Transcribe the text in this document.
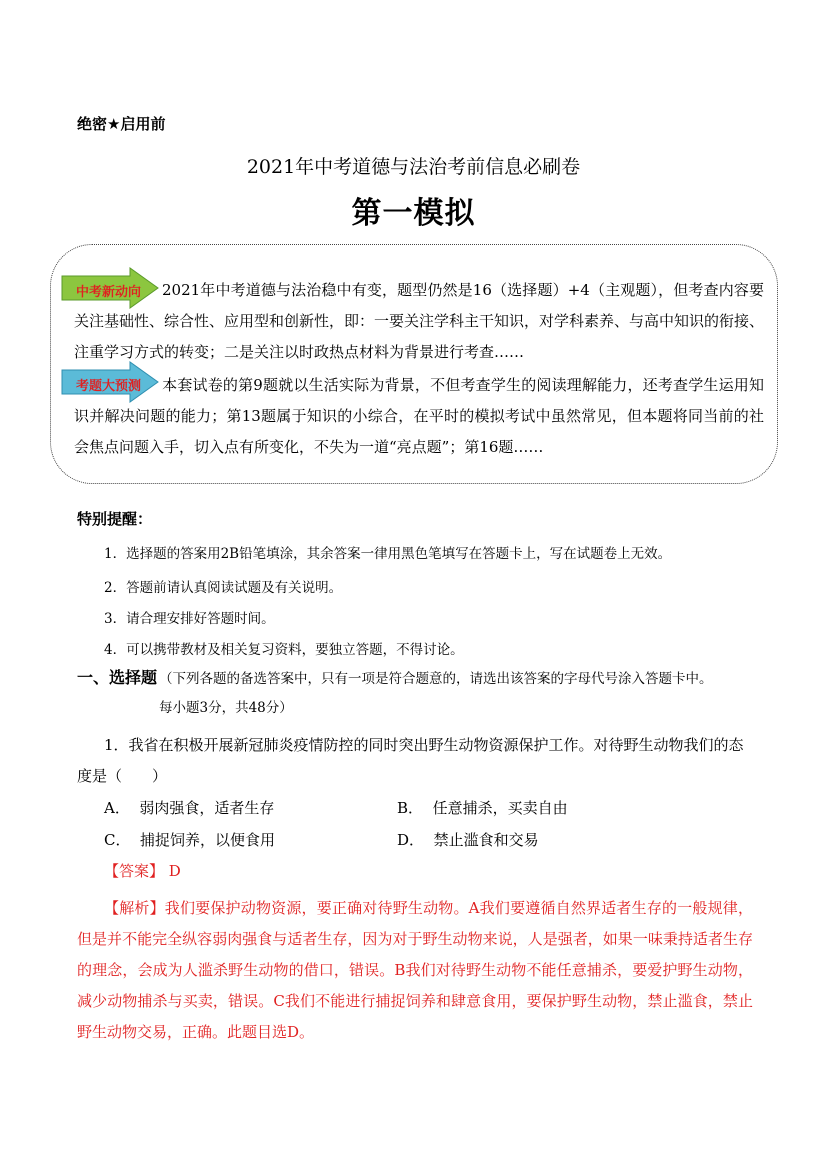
绝密★启用前
2021年中考道德与法治考前信息必刷卷
第一模拟
中考新动向
考题大预测
2021年中考道德与法治稳中有变，题型仍然是16（选择题）+4（主观题），但考查内容要关注基础性、综合性、应用型和创新性，即：一要关注学科主干知识，对学科素养、与高中知识的衔接、注重学习方式的转变；二是关注以时政热点材料为背景进行考查……
本套试卷的第9题就以生活实际为背景，不但考查学生的阅读理解能力，还考查学生运用知识并解决问题的能力；第13题属于知识的小综合，在平时的模拟考试中虽然常见，但本题将同当前的社会焦点问题入手，切入点有所变化，不失为一道“亮点题”；第16题……
特别提醒：
1．选择题的答案用2B铅笔填涂，其余答案一律用黑色笔填写在答题卡上，写在试题卷上无效。
2．答题前请认真阅读试题及有关说明。
3．请合理安排好答题时间。
4．可以携带教材及相关复习资料，要独立答题，不得讨论。
一、选择题 （下列各题的备选答案中，只有一项是符合题意的，请选出该答案的字母代号涂入答题卡中。
每小题3分，共48分）
1．我省在积极开展新冠肺炎疫情防控的同时突出野生动物资源保护工作。对待野生动物我们的态度是（　　）
A． 弱肉强食，适者生存	B． 任意捕杀，买卖自由
C． 捕捉饲养，以便食用	D． 禁止滥食和交易
【答案】 D
【解析】我们要保护动物资源，要正确对待野生动物。A我们要遵循自然界适者生存的一般规律，但是并不能完全纵容弱肉强食与适者生存，因为对于野生动物来说，人是强者，如果一味秉持适者生存的理念，会成为人滥杀野生动物的借口，错误。B我们对待野生动物不能任意捕杀，要爱护野生动物，减少动物捕杀与买卖，错误。C我们不能进行捕捉饲养和肆意食用，要保护野生动物，禁止滥食，禁止野生动物交易，正确。此题目选D。
